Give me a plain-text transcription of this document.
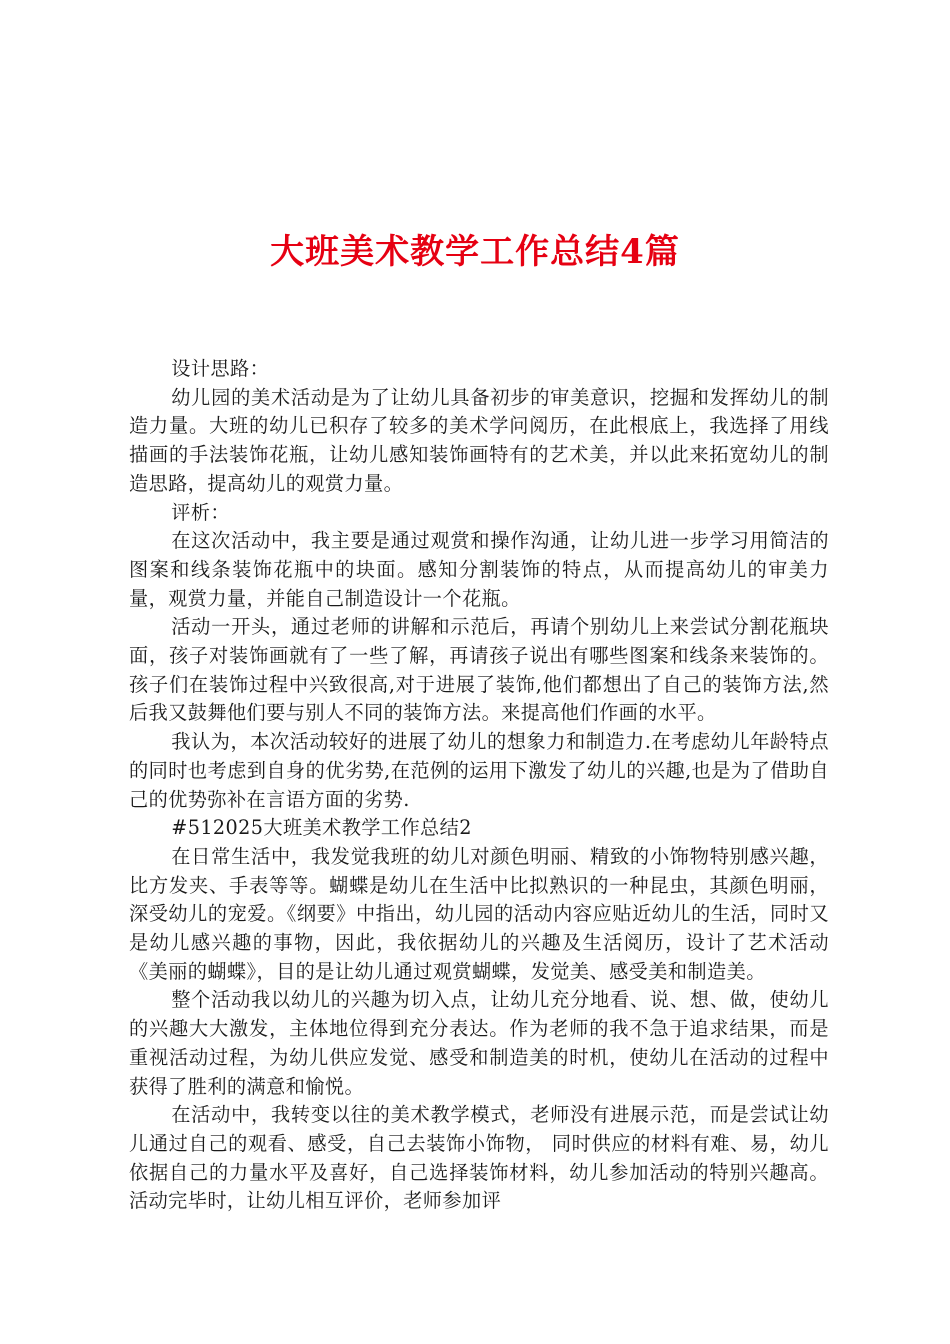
大班美术教学工作总结4篇

设计思路：

幼儿园的美术活动是为了让幼儿具备初步的审美意识，挖掘和发挥幼儿的制造力量。大班的幼儿已积存了较多的美术学问阅历，在此根底上，我选择了用线描画的手法装饰花瓶，让幼儿感知装饰画特有的艺术美，并以此来拓宽幼儿的制造思路，提高幼儿的观赏力量。

评析：

在这次活动中，我主要是通过观赏和操作沟通，让幼儿进一步学习用简洁的图案和线条装饰花瓶中的块面。感知分割装饰的特点，从而提高幼儿的审美力量，观赏力量，并能自己制造设计一个花瓶。

活动一开头，通过老师的讲解和示范后，再请个别幼儿上来尝试分割花瓶块面，孩子对装饰画就有了一些了解，再请孩子说出有哪些图案和线条来装饰的。孩子们在装饰过程中兴致很高,对于进展了装饰,他们都想出了自己的装饰方法,然后我又鼓舞他们要与别人不同的装饰方法。来提高他们作画的水平。

我认为，本次活动较好的进展了幼儿的想象力和制造力.在考虑幼儿年龄特点的同时也考虑到自身的优劣势,在范例的运用下激发了幼儿的兴趣,也是为了借助自己的优势弥补在言语方面的劣势.

#512025大班美术教学工作总结2

在日常生活中，我发觉我班的幼儿对颜色明丽、精致的小饰物特别感兴趣，比方发夹、手表等等。蝴蝶是幼儿在生活中比拟熟识的一种昆虫，其颜色明丽，深受幼儿的宠爱。《纲要》中指出，幼儿园的活动内容应贴近幼儿的生活，同时又是幼儿感兴趣的事物，因此，我依据幼儿的兴趣及生活阅历，设计了艺术活动《美丽的蝴蝶》，目的是让幼儿通过观赏蝴蝶，发觉美、感受美和制造美。

整个活动我以幼儿的兴趣为切入点，让幼儿充分地看、说、想、做，使幼儿的兴趣大大激发，主体地位得到充分表达。作为老师的我不急于追求结果，而是重视活动过程，为幼儿供应发觉、感受和制造美的时机，使幼儿在活动的过程中获得了胜利的满意和愉悦。

在活动中，我转变以往的美术教学模式，老师没有进展示范，而是尝试让幼儿通过自己的观看、感受，自己去装饰小饰物， 同时供应的材料有难、易，幼儿依据自己的力量水平及喜好，自己选择装饰材料，幼儿参加活动的特别兴趣高。活动完毕时，让幼儿相互评价，老师参加评
